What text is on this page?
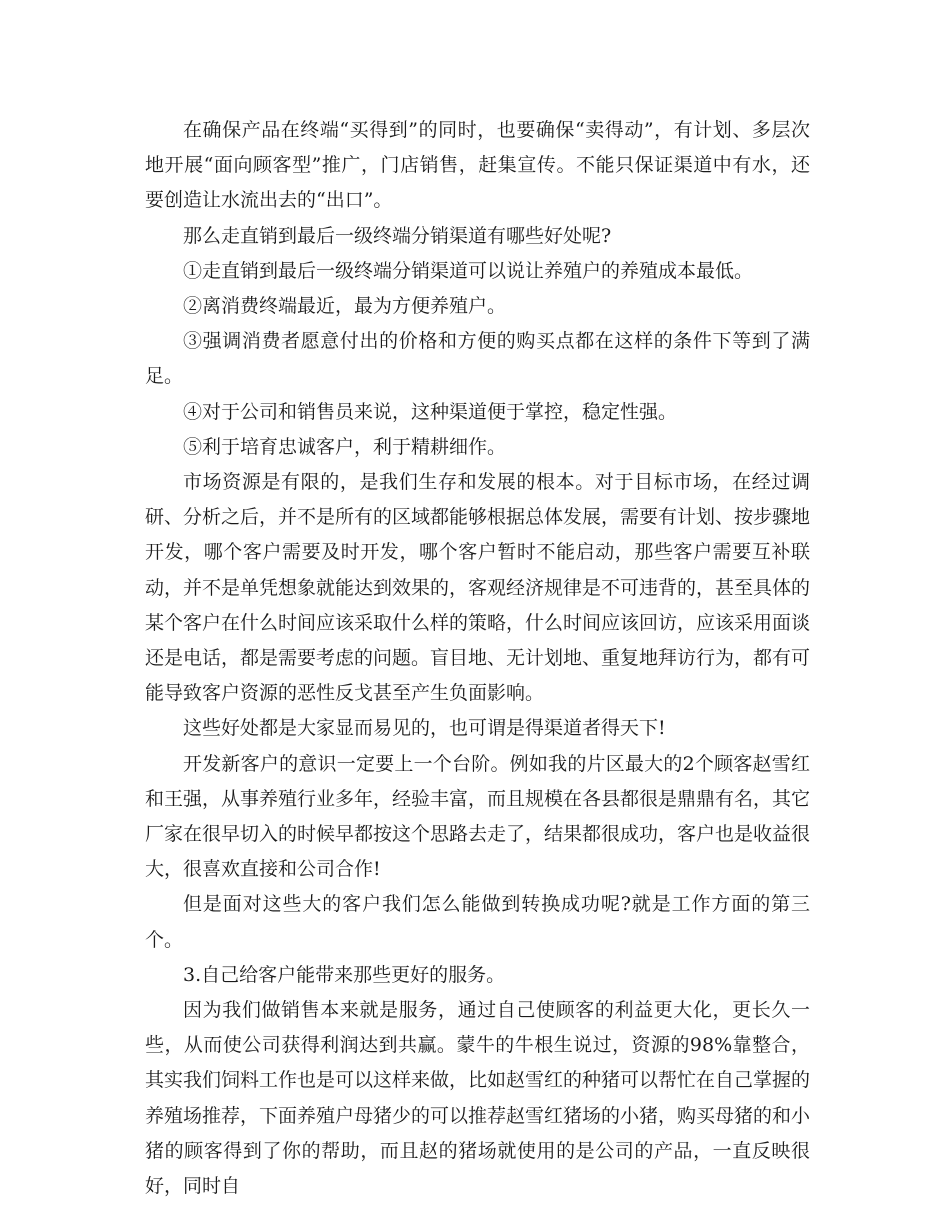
在确保产品在终端“买得到”的同时，也要确保“卖得动”，有计划、多层次地开展“面向顾客型”推广，门店销售，赶集宣传。不能只保证渠道中有水，还要创造让水流出去的“出口”。

那么走直销到最后一级终端分销渠道有哪些好处呢?

①走直销到最后一级终端分销渠道可以说让养殖户的养殖成本最低。

②离消费终端最近，最为方便养殖户。

③强调消费者愿意付出的价格和方便的购买点都在这样的条件下等到了满足。

④对于公司和销售员来说，这种渠道便于掌控，稳定性强。

⑤利于培育忠诚客户，利于精耕细作。

市场资源是有限的，是我们生存和发展的根本。对于目标市场，在经过调研、分析之后，并不是所有的区域都能够根据总体发展，需要有计划、按步骤地开发，哪个客户需要及时开发，哪个客户暂时不能启动，那些客户需要互补联动，并不是单凭想象就能达到效果的，客观经济规律是不可违背的，甚至具体的某个客户在什么时间应该采取什么样的策略，什么时间应该回访，应该采用面谈还是电话，都是需要考虑的问题。盲目地、无计划地、重复地拜访行为，都有可能导致客户资源的恶性反戈甚至产生负面影响。

这些好处都是大家显而易见的，也可谓是得渠道者得天下!

开发新客户的意识一定要上一个台阶。例如我的片区最大的2个顾客赵雪红和王强，从事养殖行业多年，经验丰富，而且规模在各县都很是鼎鼎有名，其它厂家在很早切入的时候早都按这个思路去走了，结果都很成功，客户也是收益很大，很喜欢直接和公司合作!

但是面对这些大的客户我们怎么能做到转换成功呢?就是工作方面的第三个。

3.自己给客户能带来那些更好的服务。

因为我们做销售本来就是服务，通过自己使顾客的利益更大化，更长久一些，从而使公司获得利润达到共赢。蒙牛的牛根生说过，资源的98%靠整合，其实我们饲料工作也是可以这样来做，比如赵雪红的种猪可以帮忙在自己掌握的养殖场推荐，下面养殖户母猪少的可以推荐赵雪红猪场的小猪，购买母猪的和小猪的顾客得到了你的帮助，而且赵的猪场就使用的是公司的产品，一直反映很好，同时自
